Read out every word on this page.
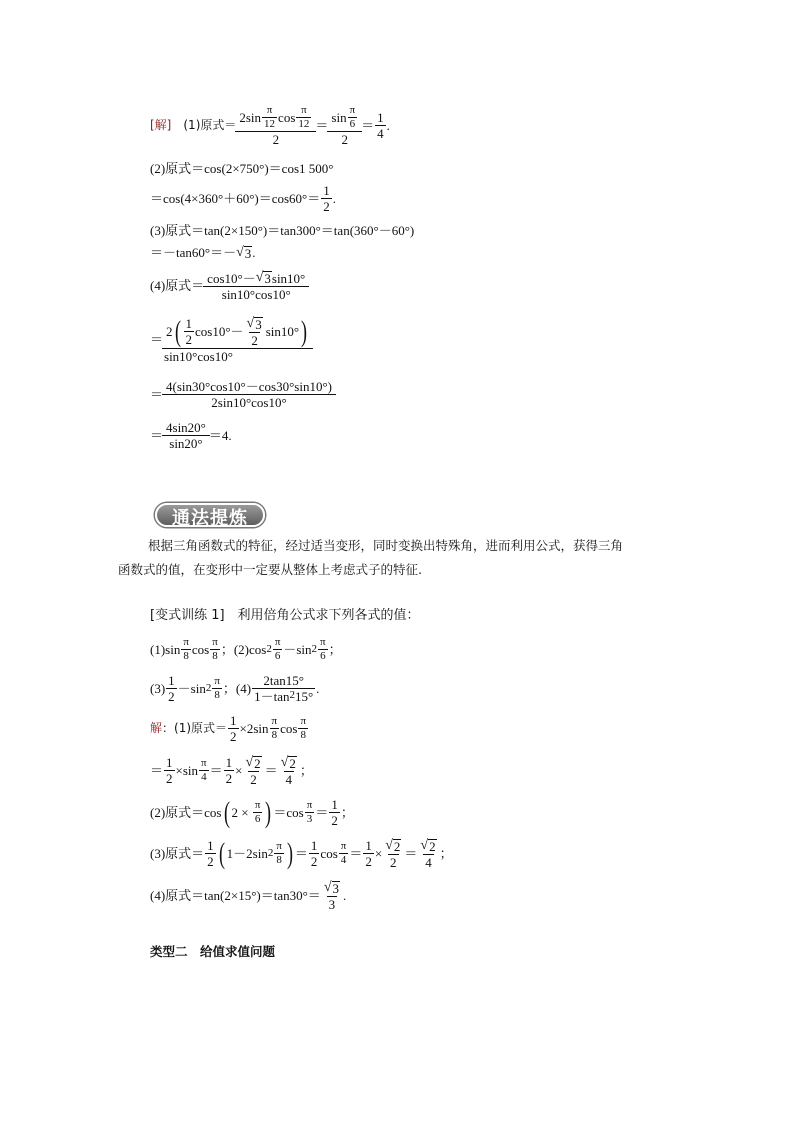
[解] (1)原式＝ $\frac{2\sin \frac{\pi}{12} \cos \frac{\pi}{12}}{2} = \frac{\sin \frac{\pi}{6}}{2} = \frac{1}{4}$ .
(2)原式＝cos(2×750°)＝cos1 500°
$=\cos(4\times 360^\circ+60^\circ)=\cos 60^\circ= \frac{1}{2}$ .
(3)原式＝tan(2×150°)＝tan300°＝tan(360°－60°)
＝－tan60°＝－ √ 3 .
(4)原式＝ $\frac{\cos 10^\circ- √ 3 \sin 10^\circ}{\sin 10^\circ\cos 10^\circ}$
＝
2 ( $\frac{1}{2} \cos 10^\circ- \frac{√ 3}{2} \sin 10^\circ$ )
sin10°cos10°
＝ $\frac{4(\sin 30^\circ\cos 10^\circ-\cos 30^\circ\sin 10^\circ)}{2\sin 10^\circ\cos 10^\circ}$
＝ $\frac{4\sin 20^\circ}{\sin 20^\circ} =4$.
通法提炼
根据三角函数式的特征，经过适当变形，同时变换出特殊角，进而利用公式，获得三角
函数式的值，在变形中一定要从整体上考虑式子的特征.
[变式训练 1]　利用倍角公式求下列各式的值：
$(1)\sin \frac{\pi}{8}$ $\cos \frac{\pi}{8}$ ；(2)cos $2 \frac{\pi}{6} -\sin$ $2 \frac{\pi}{6}$ ；
$(3) \frac{1}{2} -\sin$ $2 \frac{\pi}{8}$ ；$(4) \frac{2\tan 15^\circ}{1-\tan 2 15^\circ}$ .
解 ：(1)原式＝ $\frac{1}{2} \times 2\sin \frac{\pi}{8}$ $\cos \frac{\pi}{8}$
＝ $\frac{1}{2} \times\sin \frac{\pi}{4} = \frac{1}{2} \times \frac{√ 2}{2} = \frac{√ 2}{4}$ ；
(2)原式＝cos ( $2 \times \frac{\pi}{6}$ ) $=\cos \frac{\pi}{3} = \frac{1}{2}$ ；
(3)原式＝ $\frac{1}{2}$ ( 1－2sin $2 \frac{\pi}{8}$ ) ＝ $\frac{1}{2}$ $\cos \frac{\pi}{4} = \frac{1}{2} \times \frac{√ 2}{2} = \frac{√ 2}{4}$ ；
(4)原式$=\tan(2\times 15^\circ)=\tan 30^\circ= \frac{√ 3}{3}$ .
类型二　给值求值问题
